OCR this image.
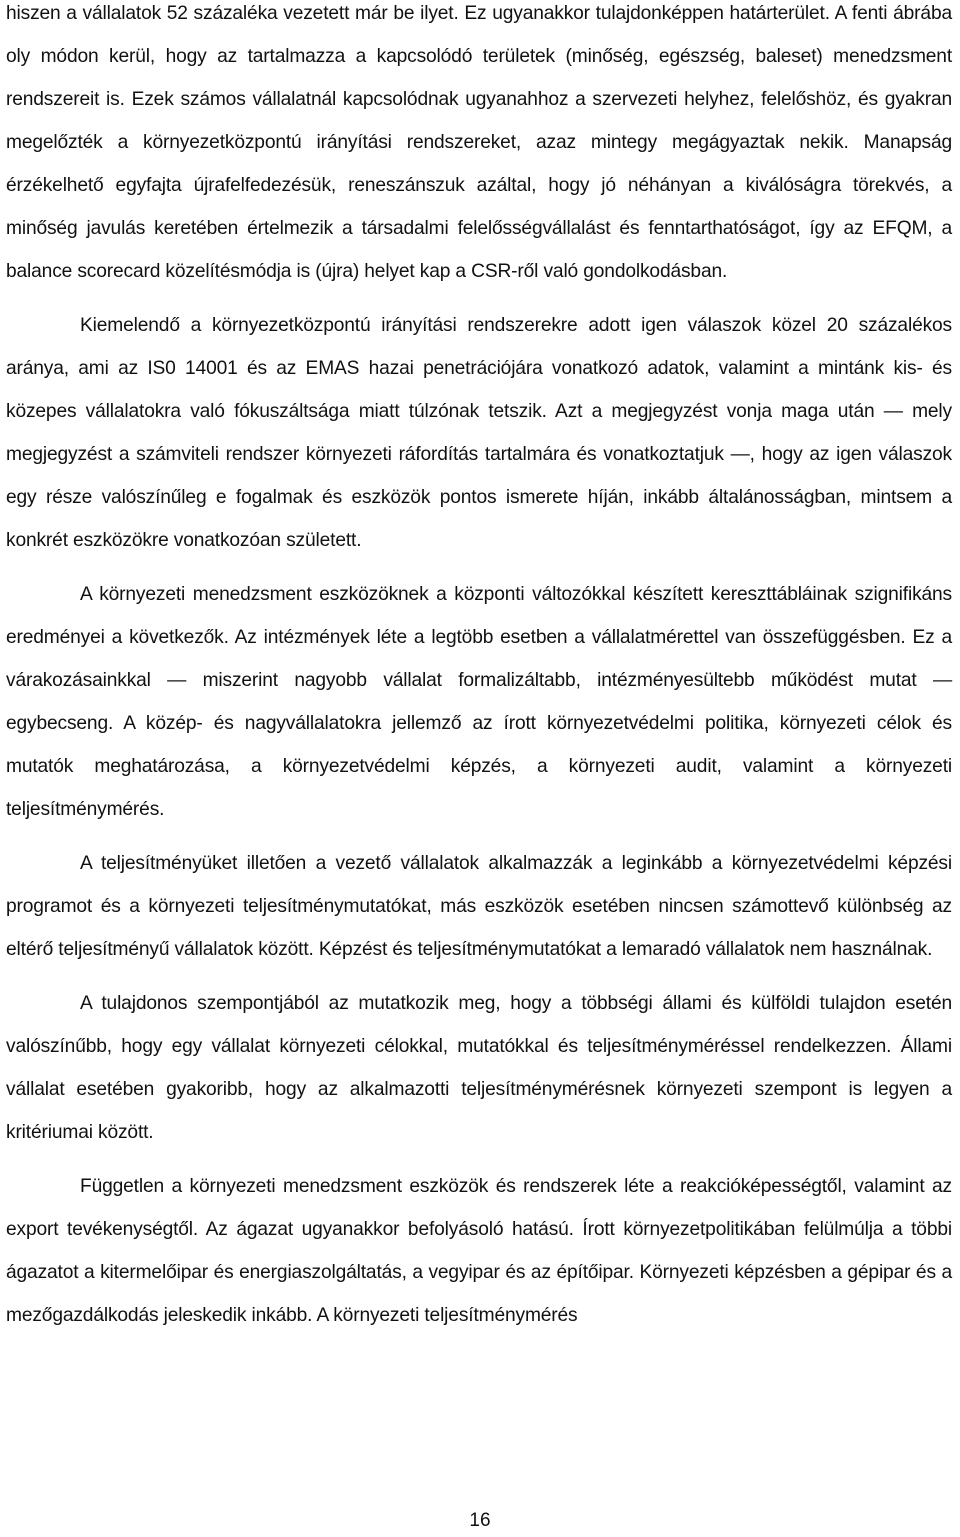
hiszen a vállalatok 52 százaléka vezetett már be ilyet. Ez ugyanakkor tulajdonképpen határterület. A fenti ábrába oly módon kerül, hogy az tartalmazza a kapcsolódó területek (minőség, egészség, baleset) menedzsment rendszereit is. Ezek számos vállalatnál kapcsolódnak ugyanahhoz a szervezeti helyhez, felelőshöz, és gyakran megelőzték a környezetközpontú irányítási rendszereket, azaz mintegy megágyaztak nekik. Manapság érzékelhető egyfajta újrafelfedezésük, reneszánszuk azáltal, hogy jó néhányan a kiválóságra törekvés, a minőség javulás keretében értelmezik a társadalmi felelősségvállalást és fenntarthatóságot, így az EFQM, a balance scorecard közelítésmódja is (újra) helyet kap a CSR-ről való gondolkodásban.

Kiemelendő a környezetközpontú irányítási rendszerekre adott igen válaszok közel 20 százalékos aránya, ami az IS0 14001 és az EMAS hazai penetrációjára vonatkozó adatok, valamint a mintánk kis- és közepes vállalatokra való fókuszáltsága miatt túlzónak tetszik. Azt a megjegyzést vonja maga után — mely megjegyzést a számviteli rendszer környezeti ráfordítás tartalmára és vonatkoztatjuk —, hogy az igen válaszok egy része valószínűleg e fogalmak és eszközök pontos ismerete híján, inkább általánosságban, mintsem a konkrét eszközökre vonatkozóan született.

A környezeti menedzsment eszközöknek a központi változókkal készített kereszttábláinak szignifikáns eredményei a következők. Az intézmények léte a legtöbb esetben a vállalatmérettel van összefüggésben. Ez a várakozásainkkal — miszerint nagyobb vállalat formalizáltabb, intézményesültebb működést mutat — egybecseng. A közép- és nagyvállalatokra jellemző az írott környezetvédelmi politika, környezeti célok és mutatók meghatározása, a környezetvédelmi képzés, a környezeti audit, valamint a környezeti teljesítménymérés.

A teljesítményüket illetően a vezető vállalatok alkalmazzák a leginkább a környezetvédelmi képzési programot és a környezeti teljesítménymutatókat, más eszközök esetében nincsen számottevő különbség az eltérő teljesítményű vállalatok között. Képzést és teljesítménymutatókat a lemaradó vállalatok nem használnak.

A tulajdonos szempontjából az mutatkozik meg, hogy a többségi állami és külföldi tulajdon esetén valószínűbb, hogy egy vállalat környezeti célokkal, mutatókkal és teljesítményméréssel rendelkezzen. Állami vállalat esetében gyakoribb, hogy az alkalmazotti teljesítménymérésnek környezeti szempont is legyen a kritériumai között.

Független a környezeti menedzsment eszközök és rendszerek léte a reakcióképességtől, valamint az export tevékenységtől. Az ágazat ugyanakkor befolyásoló hatású. Írott környezetpolitikában felülmúlja a többi ágazatot a kitermelőipar és energiaszolgáltatás, a vegyipar és az építőipar. Környezeti képzésben a gépipar és a mezőgazdálkodás jeleskedik inkább. A környezeti teljesítménymérés

16
